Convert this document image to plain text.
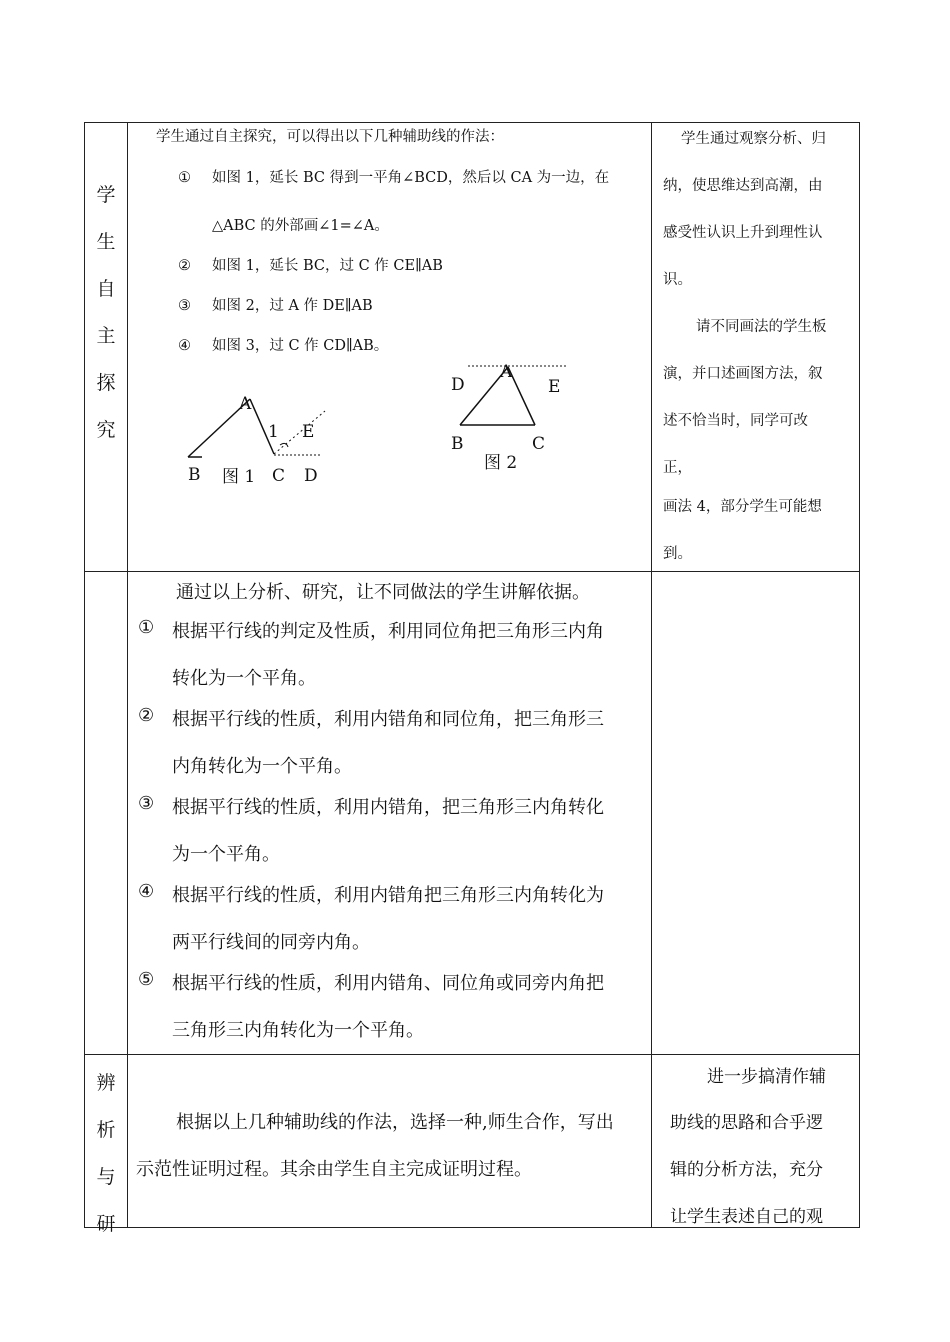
学
生
自
主
探
究
学生通过自主探究，可以得出以下几种辅助线的作法：
① 如图 1，延长 BC 得到一平角∠BCD，然后以 CA 为一边，在
△ABC 的外部画∠1=∠A。
② 如图 1，延长 BC，过 C 作 CE∥AB
③ 如图 2，过 A 作 DE∥AB
④ 如图 3，过 C 作 CD∥AB。
A
1 E
B 图 1 C D
D
A
E
B	C
图 2
学生通过观察分析、归
纳，使思维达到高潮，由
感受性认识上升到理性认
识。
请不同画法的学生板
演，并口述画图方法，叙
述不恰当时，同学可改
正，
画法 4，部分学生可能想
到。
通过以上分析、研究，让不同做法的学生讲解依据。
① 根据平行线的判定及性质，利用同位角把三角形三内角
转化为一个平角。
② 根据平行线的性质，利用内错角和同位角，把三角形三
内角转化为一个平角。
③ 根据平行线的性质，利用内错角，把三角形三内角转化
为一个平角。
④ 根据平行线的性质，利用内错角把三角形三内角转化为
两平行线间的同旁内角。
⑤ 根据平行线的性质，利用内错角、同位角或同旁内角把
三角形三内角转化为一个平角。
辨
析
与
研
根据以上几种辅助线的作法，选择一种,师生合作，写出
示范性证明过程。其余由学生自主完成证明过程。
进一步搞清作辅
助线的思路和合乎逻
辑的分析方法，充分
让学生表述自己的观
